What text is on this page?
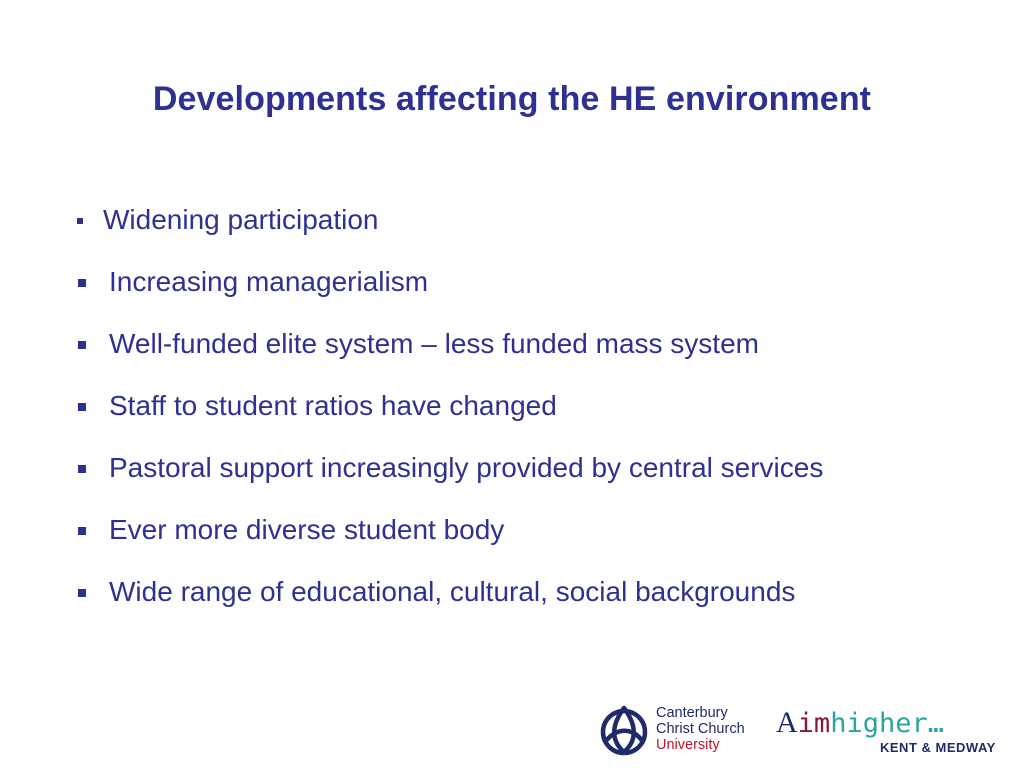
Developments affecting the HE environment
Widening participation
Increasing managerialism
Well-funded elite system – less funded mass system
Staff to student ratios have changed
Pastoral support increasingly provided by central services
Ever more diverse student body
Wide range of educational, cultural, social backgrounds
Canterbury
Christ Church
University
Aimhigher…
KENT & MEDWAY
